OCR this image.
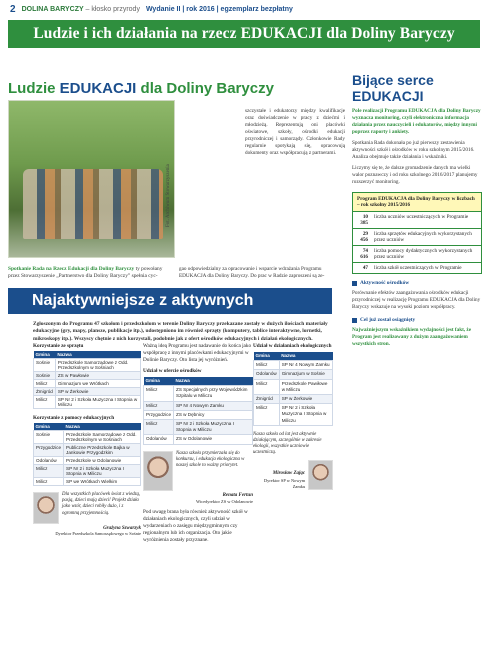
2 DOLINA BARYCZY – kłosko przyrody Wydanie II | rok 2016 | egzemplarz bezpłatny
Ludzie i ich działania na rzecz EDUKACJI dla Doliny Baryczy
Ludzie EDUKACJI dla Doliny Baryczy
Fot. Archiwum Stowarzyszenia
szczystałe i edukatorzy między kwalifikacje oraz doświadczenie w pracy z dziećmi i młodzieżą. Reprezentują oni placówki oświatowe, szkoły, ośrodki edukacji przyrodniczej i samorządy. Członkowie Rady regularnie spotykają się, opracowują dokumenty oraz współpracują z partnerami.
Spotkanie Rada na Rzecz Edukacji dla Doliny Baryczy ty powołany przez Stowarzyszenie „Partnerstwo dla Doliny Baryczy” spełnia cyc-
gao odpowiedzialny za opracowanie i wsparcie wdrażania Programu EDUKACJA dla Doliny Baryczy. Do prac w Radzie zaproszeni są ze-
Najaktywniejsze z aktywnych
Zgłoszonym do Programu 47 szkołom i przedszkolom w terenie Doliny Baryczy przekazane zostały w dużych ilościach materiały edukacyjne (gry, mapy, plansze, publikacje itp.), udostępniono im również sprzęty (komputery, tablice interaktywne, lornetki, mikroskopy itp.). Wszyscy chętnie z nich korzystali, podobnie jak z ofert ośrodków edukacyjnych i działań ekologicznych.
Korzystanie ze sprzętu
Gmina	Nazwa
Sośnie	Przedszkole Samorządowe z Odd. Przedszkolnym w Sośniach
Sośnie	ZS w Pawłowie
Milicz	Gimnazjum we Wrótkach
Żmigród	SP w Żerkowie
Milicz	SP Nr 2 i Szkoła Muzyczna I Stopnia w Miliczu
Korzystanie z pomocy edukacyjnych
Gmina	Nazwa
Sośnie	Przedszkole Samorządowe z Odd. Przedszkolnym w Sośniach
Przygodzice	Publiczne Przedszkole Bajka w Jankowie Przygodzkim
Odolanów	Przedszkole w Odolanowie
Milicz	SP Nr 2 i Szkoła Muzyczna I Stopnia w Miliczu
Milicz	SP we Wrótkach Wielkim
Dla wszystkich placówek świat z wiedzą, pasją, dzieci mają dzieci! Projekt działa jako wzór, dzieci robiły dużo, i z ogromną przyjemnością.
Grażyna Szwarzyk
Dyrektor Przedszkola Samorządowego w Sośnie
Ważną ideą Programu jest nadawanie do końca jako współpracę z innymi placówkami edukacyjnymi w Dolinie Baryczy. Oto lista jej wyróżnień.
Udział w ofercie ośrodków
Gmina	Nazwa
Milicz	ZS Specjalnych przy Wojewódzkim Szpitalu w Miliczu
Milicz	SP Nr 4 Nowym Zamku
Przygodzice	ZS w Dębnicy
Milicz	SP Nr 2 i Szkoła Muzyczna I Stopnia w Miliczu
Odolanów	ZS w Odolanowie
Nasza szkoła przymierzała się do konkursu, i edukacja ekologiczna w naszej szkole to ważny priorytet.
Renata Fertun
Wicedyrektor ZS w Odolanowie
Pod uwagę brana była również aktywność szkół w działaniach ekologicznych, czyli udział w wydarzeniach o zasięgu międzygminnym czy regionalnym lub ich organizacja. Oto jakie wyróżnienia zostały przyznane.
Udział w działaniach ekologicznych
Gmina	Nazwa
Milicz	SP Nr 4 Nowym Zamku
Odolanów	Gimnazjum w Sośnie
Milicz	Przedszkole Pawiłowe w Miliczu
Żmigród	SP w Żerkowie
Milicz	SP Nr 2 i Szkoła Muzyczna I Stopnia w Miliczu
Nasza szkoła od lat jest aktywnie działającym, szczególnie w zakresie ekologii, wszystkie uczniowie uczestniczą.
Mirosław Zając
Dyrektor SP w Nowym Zamku
Bijące serce EDUKACJI

Pole realizacji Programu EDUKACJA dla Doliny Baryczy wyznacza monitoring, czyli elektroniczna informacja działania przez nauczycieli i edukatorów, między innymi poprzez raporty i ankiety.

Spotkania Rada dokonała po już pierwszy zestawienia aktywności szkół i ośrodków w roku szkolnym 2015/2016. Analiza obejmuje także działania i wskaźniki.

Liczymy się te, że dalsze gromadzenie danych ma wielki walor poznawczy i od roku szkolnego 2016/2017 planujemy rozszerzyć monitoring.

Program EDUKACJA dla Doliny Baryczy w liczbach – rok szkolny 2015/2016
10 385
liczba uczniów uczestniczących w Programie
29 456
liczba sprzętów edukacyjnych wykorzystanych przez uczniów
74 616
liczba pomocy dydaktycznych wykorzystanych przez uczniów
47	liczba szkół uczestniczących w Programie
Aktywność ośrodków

Porównanie efektów zaangażowania ośrodków edukacji przyrodniczej w realizację Programu EDUKACJA dla Doliny Baryczy wskazuje na wysoki poziom współpracy.

Cel już został osiągnięty

Najważniejszym wskaźnikiem wydajności jest fakt, że Program jest realizowany z dużym zaangażowaniem wszystkich stron.
